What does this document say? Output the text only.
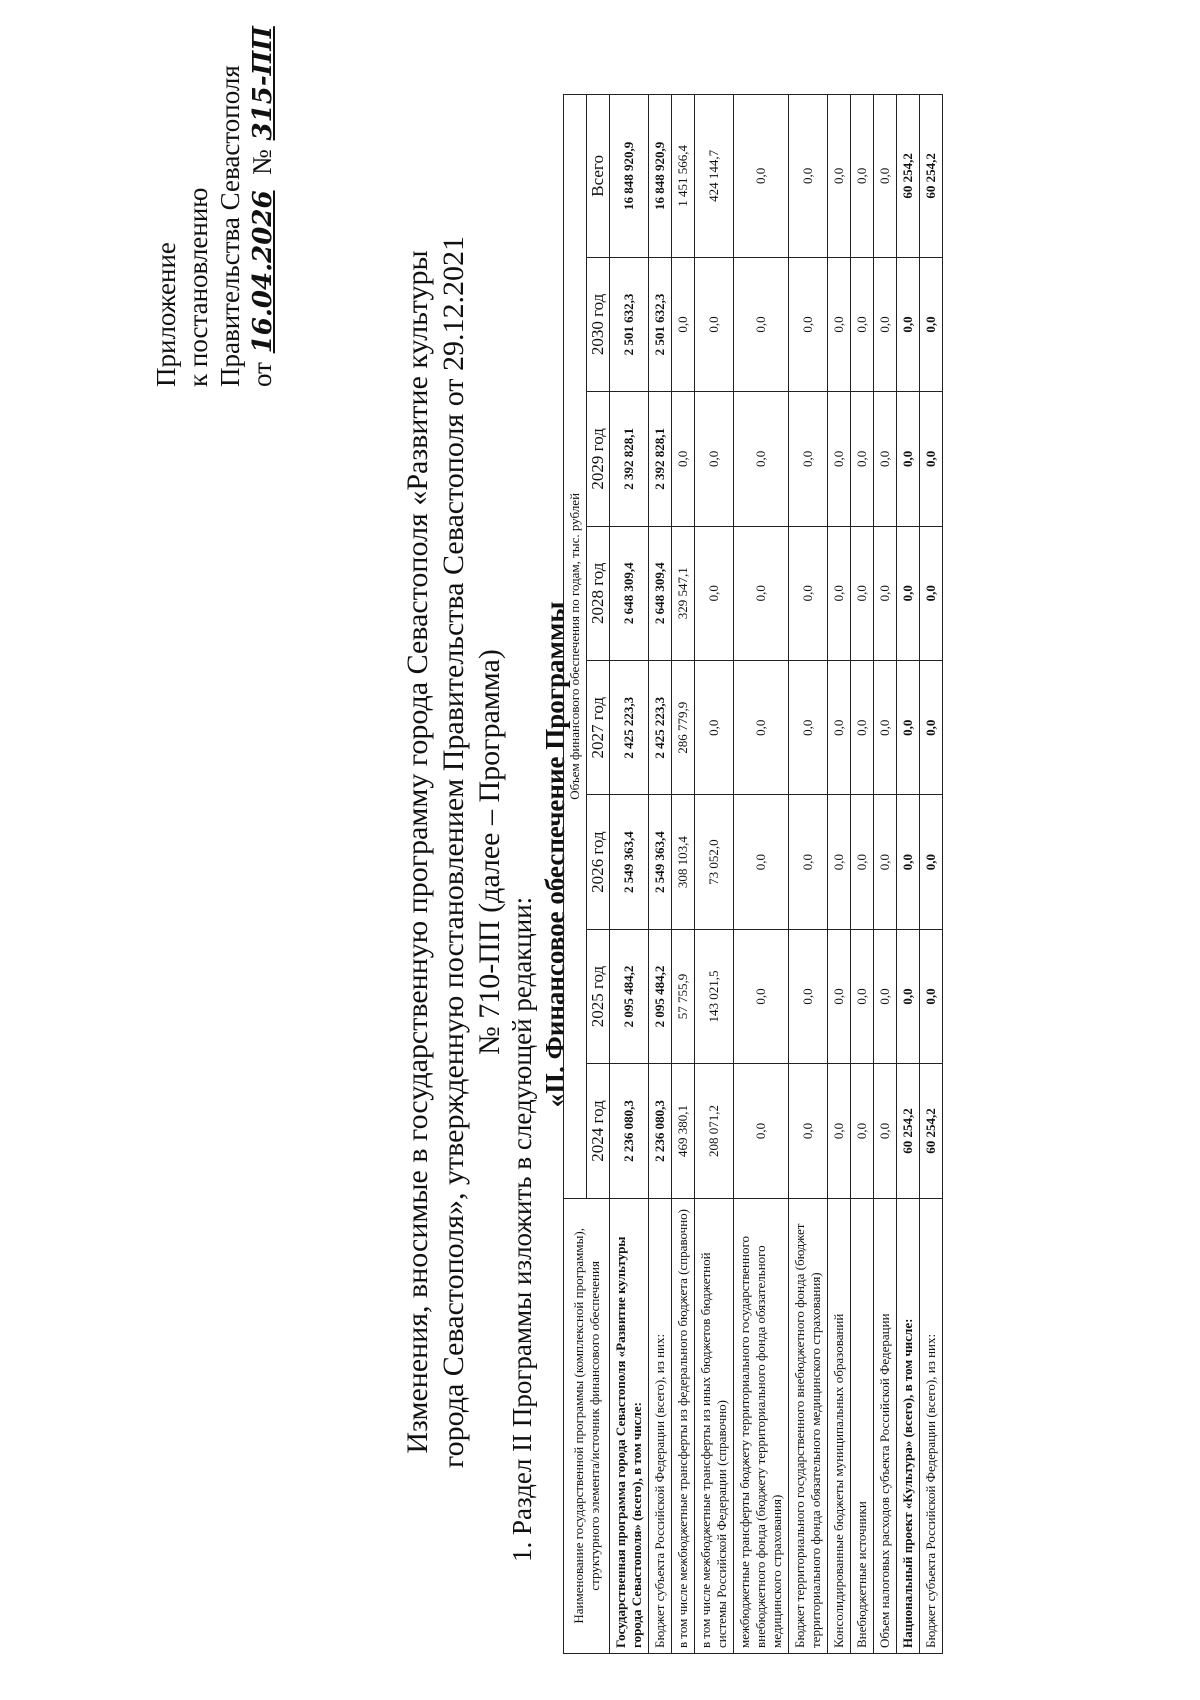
Приложение к постановлению Правительства Севастополя от 16.04.2026  № 315-ПП
Изменения, вносимые в государственную программу города Севастополя «Развитие культуры города Севастополя», утвержденную постановлением Правительства Севастополя от 29.12.2021 № 710-ПП (далее – Программа)
1. Раздел II Программы изложить в следующей редакции:
«II. Финансовое обеспечение Программы
Наименование государственной программы (комплексной программы), структурного элемента/источник финансового обеспечения	Объем финансового обеспечения по годам, тыс. рублей							
	2024 год	2025 год	2026 год	2027 год	2028 год	2029 год	2030 год	Всего
Государственная программа города Севастополя «Развитие культуры города Севастополя» (всего), в том числе:	2 236 080,3	2 095 484,2	2 549 363,4	2 425 223,3	2 648 309,4	2 392 828,1	2 501 632,3	16 848 920,9
Бюджет субъекта Российской Федерации (всего), из них:	2 236 080,3	2 095 484,2	2 549 363,4	2 425 223,3	2 648 309,4	2 392 828,1	2 501 632,3	16 848 920,9
в том числе межбюджетные трансферты из федерального бюджета (справочно)	469 380,1	57 755,9	308 103,4	286 779,9	329 547,1	0,0	0,0	1 451 566,4
в том числе межбюджетные трансферты из иных бюджетов бюджетной системы Российской Федерации (справочно)	208 071,2	143 021,5	73 052,0	0,0	0,0	0,0	0,0	424 144,7
межбюджетные трансферты бюджету территориального государственного внебюджетного фонда (бюджету территориального фонда обязательного медицинского страхования)	0,0	0,0	0,0	0,0	0,0	0,0	0,0	0,0
Бюджет территориального государственного внебюджетного фонда (бюджет территориального фонда обязательного медицинского страхования)	0,0	0,0	0,0	0,0	0,0	0,0	0,0	0,0
Консолидированные бюджеты муниципальных образований	0,0	0,0	0,0	0,0	0,0	0,0	0,0	0,0
Внебюджетные источники	0,0	0,0	0,0	0,0	0,0	0,0	0,0	0,0
Объем налоговых расходов субъекта Российской Федерации	0,0	0,0	0,0	0,0	0,0	0,0	0,0	0,0
Национальный проект «Культура» (всего), в том числе:	60 254,2	0,0	0,0	0,0	0,0	0,0	0,0	60 254,2
Бюджет субъекта Российской Федерации (всего), из них:	60 254,2	0,0	0,0	0,0	0,0	0,0	0,0	60 254,2
